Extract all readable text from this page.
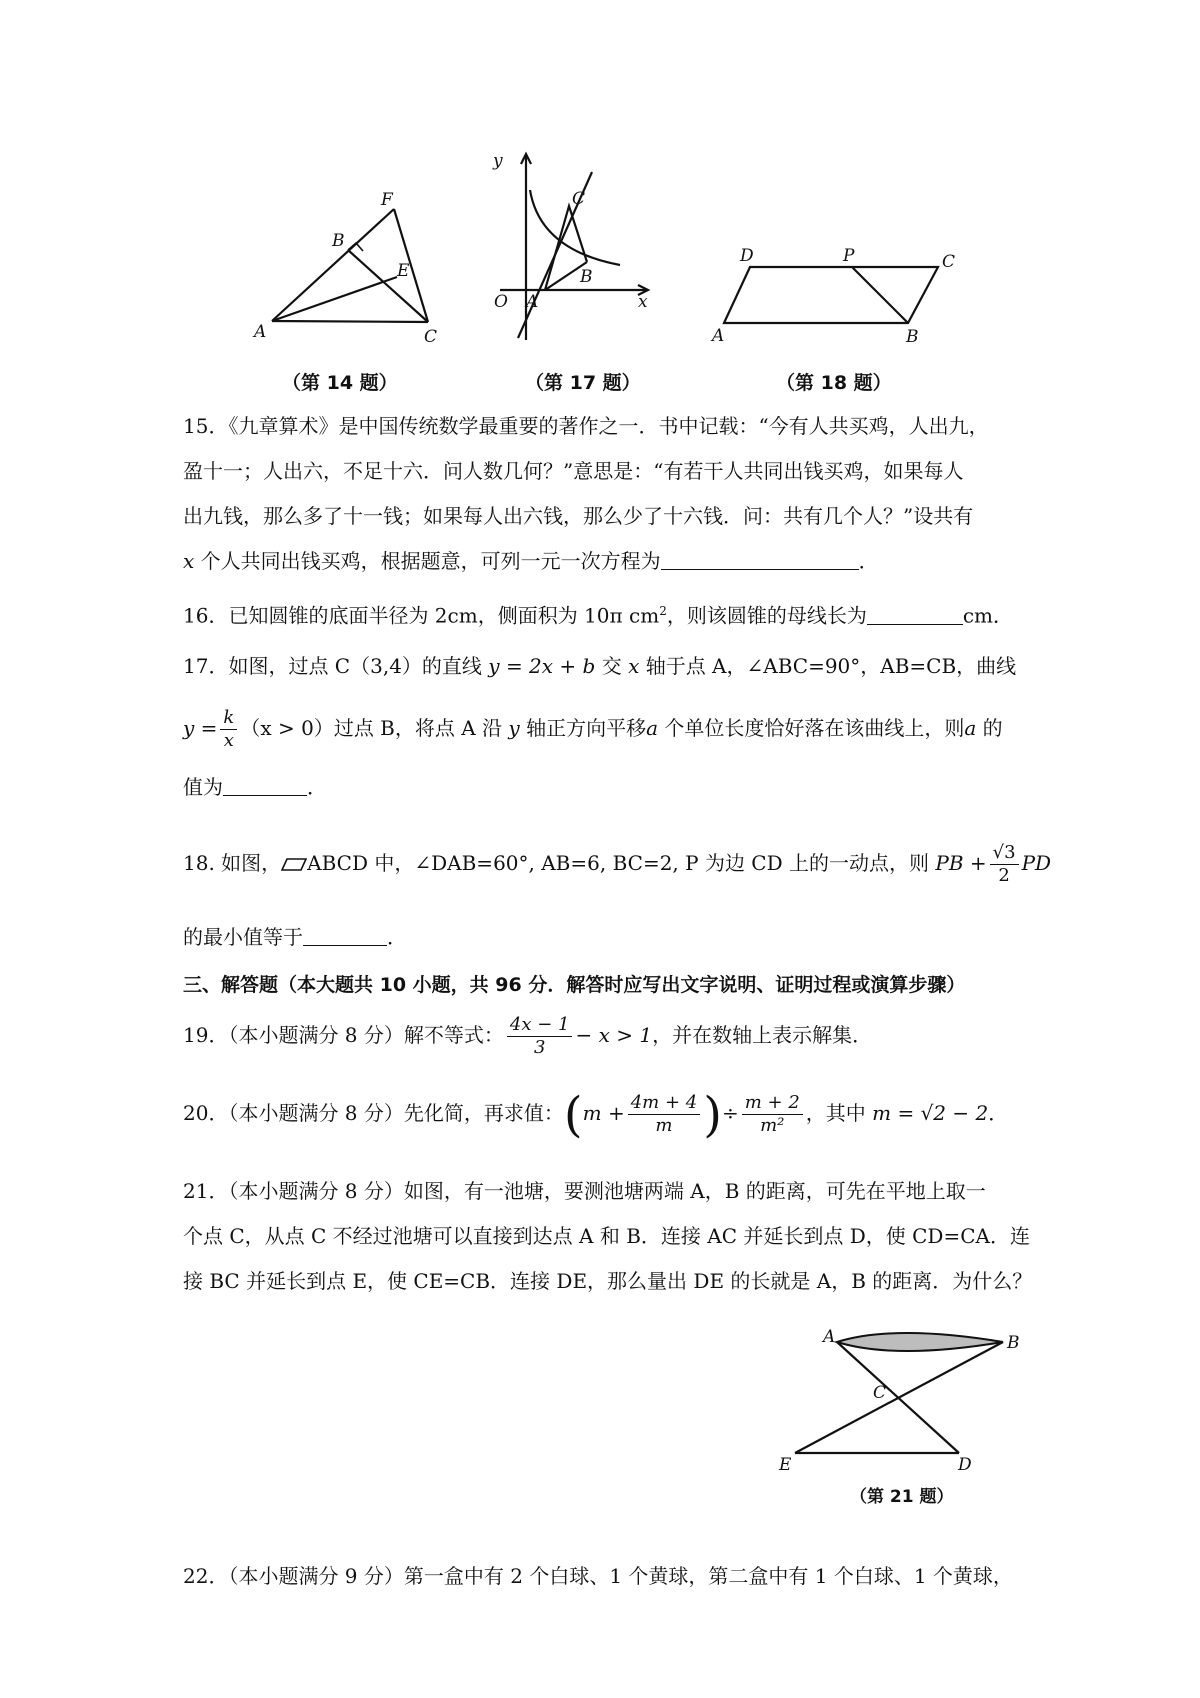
F
B
E
A	C
（第 14 题）
y
C
B
O A	x
（第 17 题）
D	P	C
A	B
（第 18 题）
15．《九章算术》是中国传统数学最重要的著作之一．书中记载：“今有人共买鸡，人出九，
盈十一；人出六，不足十六．问人数几何？”意思是：“有若干人共同出钱买鸡，如果每人
出九钱，那么多了十一钱；如果每人出六钱，那么少了十六钱．问：共有几个人？”设共有
x 个人共同出钱买鸡，根据题意，可列一元一次方程为	．
16．已知圆锥的底面半径为 2cm，侧面积为 10π $cm^2$，则该圆锥的母线长为	cm．
17．如图，过点 C（3,4）的直线 y = 2x + b 交 x 轴于点 A，∠ABC=90°，AB=CB，曲线
$y = \frac{k}{x} (x > 0)$过点 B，将点 A 沿 y 轴正方向平移a 个单位长度恰好落在该曲线上，则a 的
值为	．
18. 如图， ABCD 中，∠DAB=60°, AB=6, BC=2, P 为边 CD 上的一动点，则 PB + $\frac{√3}{2}$ PD
的最小值等于	．
三、解答题（本大题共 10 小题，共 96 分．解答时应写出文字说明、证明过程或演算步骤）
19．（本小题满分 8 分）解不等式： $\frac{4x - 1}{3} - x > 1$，并在数轴上表示解集．
20．（本小题满分 8 分）先化简，再求值：($m + \frac{4m + 4}{m}$ )÷ $\frac{m + 2}{\text{m²}}$ ，其中 m = √2 − 2．
21．（本小题满分 8 分）如图，有一池塘，要测池塘两端 A，B 的距离，可先在平地上取一
个点 C，从点 C 不经过池塘可以直接到达点 A 和 B．连接 AC 并延长到点 D，使 CD=CA．连
接 BC 并延长到点 E，使 CE=CB．连接 DE，那么量出 DE 的长就是 A，B 的距离．为什么？
A	B
C
E	D
（第 21 题）
22．（本小题满分 9 分）第一盒中有 2 个白球、1 个黄球，第二盒中有 1 个白球、1 个黄球，
